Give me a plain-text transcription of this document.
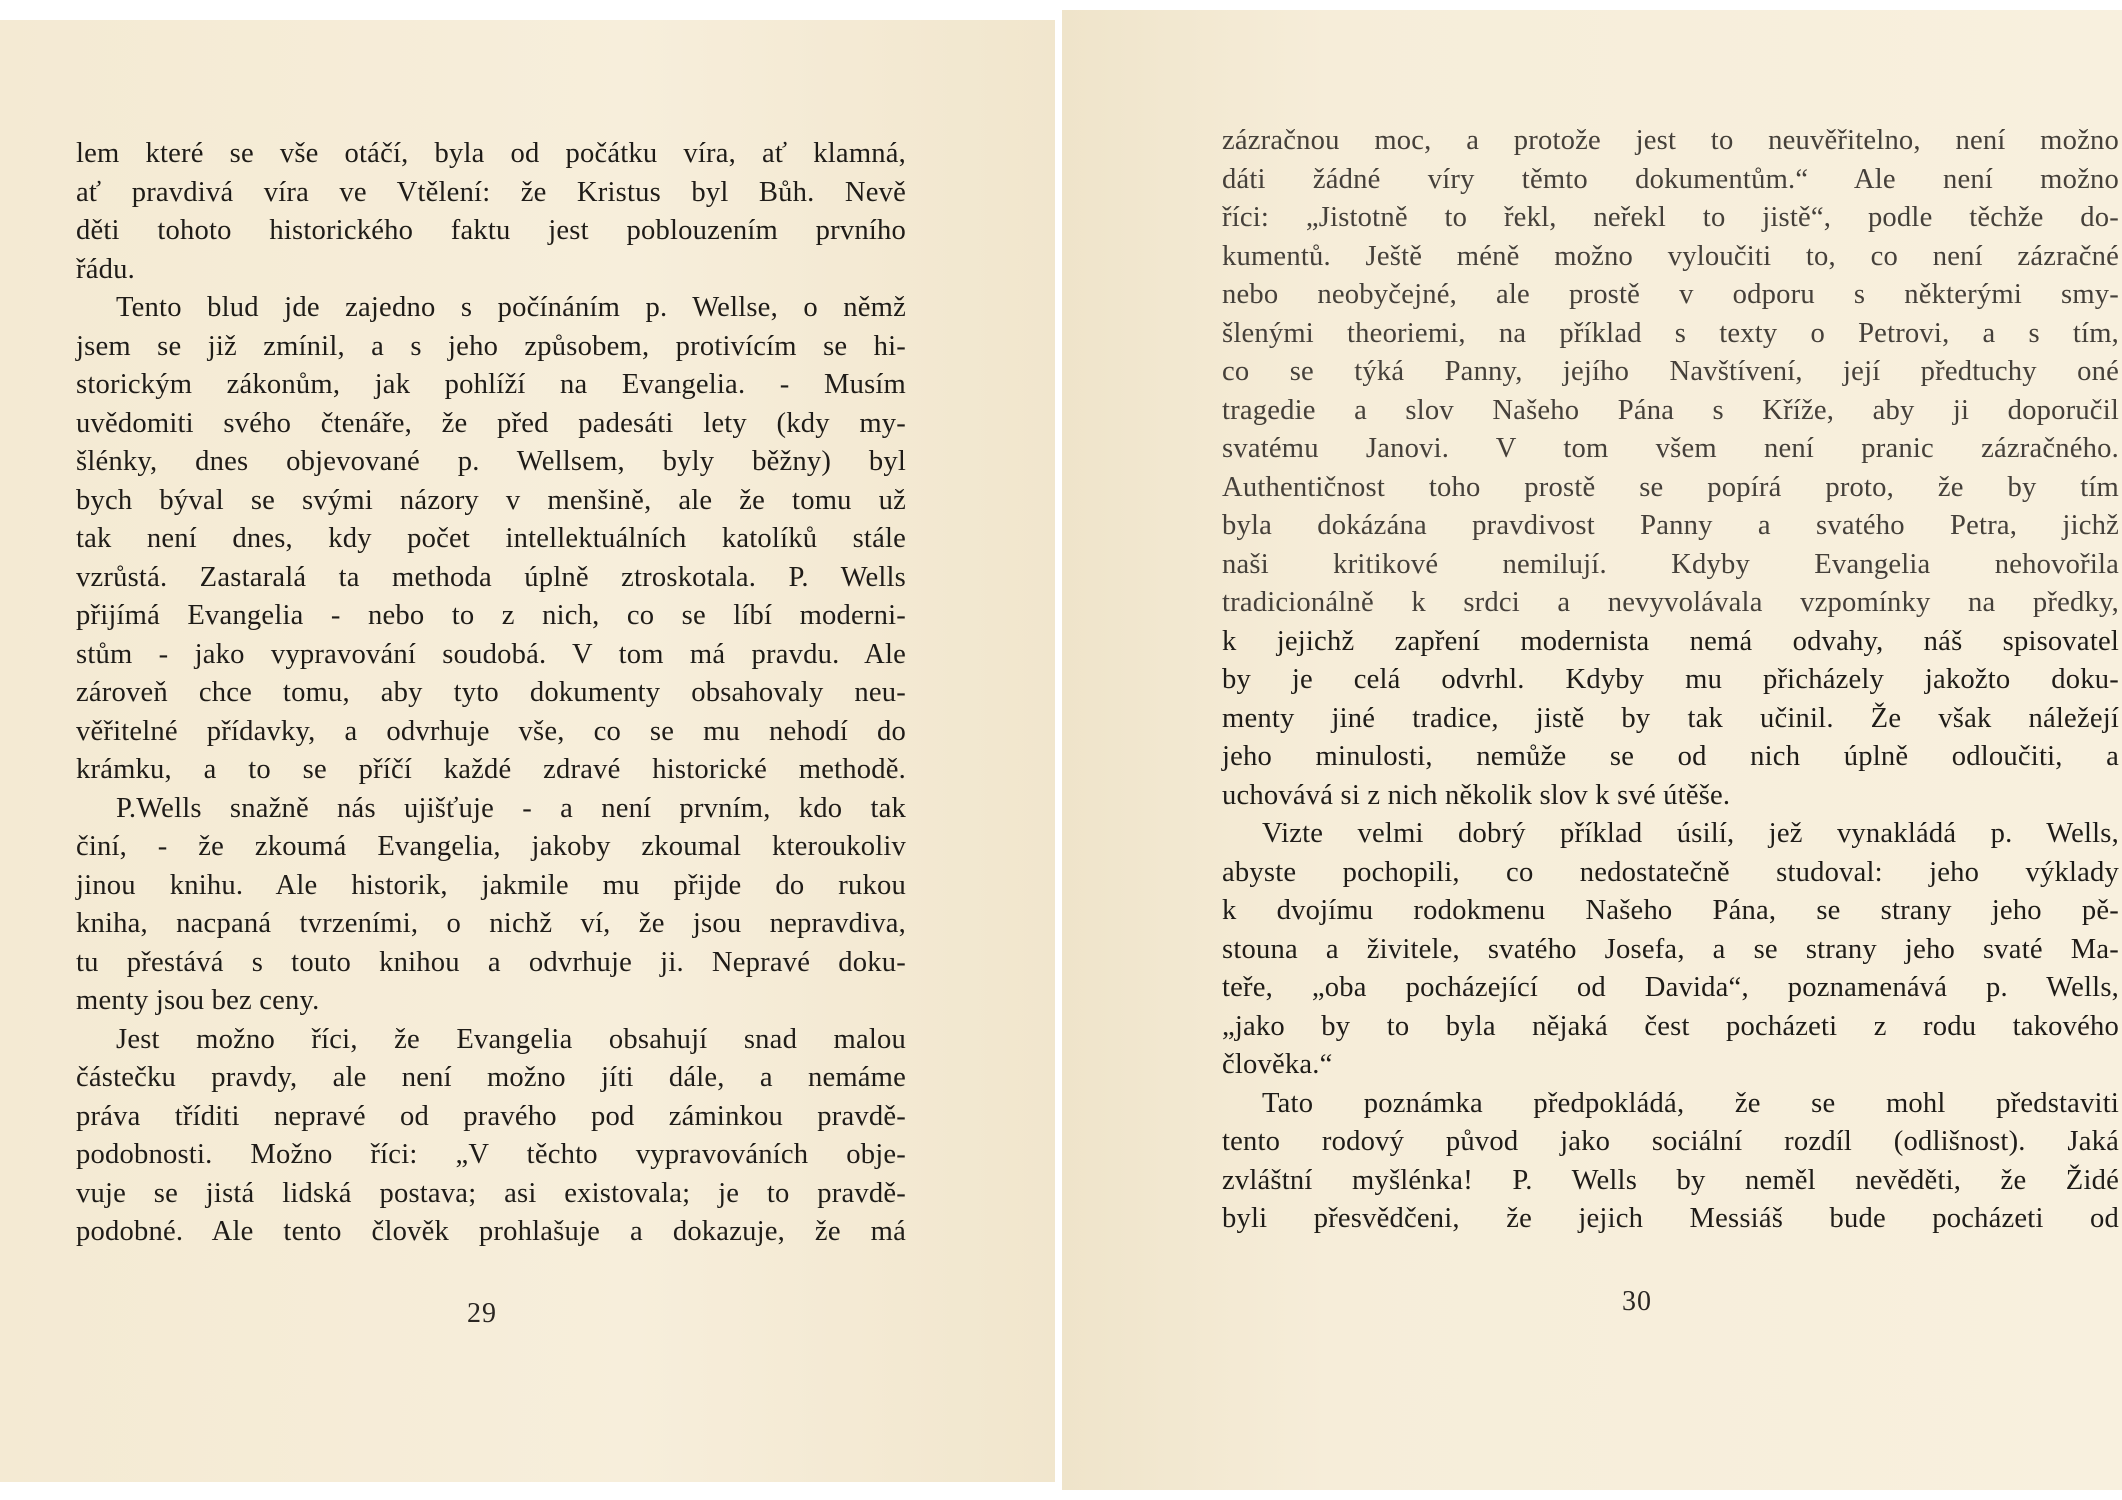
lem které se vše otáčí, byla od počátku víra, ať klamná,
ať pravdivá víra ve Vtělení: že Kristus byl Bůh. Nevě
děti tohoto historického faktu jest poblouzením prvního
řádu.
Tento blud jde zajedno s počínáním p. Wellse, o němž
jsem se již zmínil, a s jeho způsobem, protivícím se hi-
storickým zákonům, jak pohlíží na Evangelia. - Musím
uvědomiti svého čtenáře, že před padesáti lety (kdy my-
šlénky, dnes objevované p. Wellsem, byly běžny) byl
bych býval se svými názory v menšině, ale že tomu už
tak není dnes, kdy počet intellektuálních katolíků stále
vzrůstá. Zastaralá ta methoda úplně ztroskotala. P. Wells
přijímá Evangelia - nebo to z nich, co se líbí moderni-
stům - jako vypravování soudobá. V tom má pravdu. Ale
zároveň chce tomu, aby tyto dokumenty obsahovaly neu-
věřitelné přídavky, a odvrhuje vše, co se mu nehodí do
krámku, a to se příčí každé zdravé historické methodě.
P.Wells snažně nás ujišťuje - a není prvním, kdo tak
činí, - že zkoumá Evangelia, jakoby zkoumal kteroukoliv
jinou knihu. Ale historik, jakmile mu přijde do rukou
kniha, nacpaná tvrzeními, o nichž ví, že jsou nepravdiva,
tu přestává s touto knihou a odvrhuje ji. Nepravé doku-
menty jsou bez ceny.
Jest možno říci, že Evangelia obsahují snad malou
částečku pravdy, ale není možno jíti dále, a nemáme
práva tříditi nepravé od pravého pod záminkou pravdě-
podobnosti. Možno říci: „V těchto vypravováních obje-
vuje se jistá lidská postava; asi existovala; je to pravdě-
podobné. Ale tento člověk prohlašuje a dokazuje, že má
29
zázračnou moc, a protože jest to neuvěřitelno, není možno
dáti žádné víry těmto dokumentům.“ Ale není možno
říci: „Jistotně to řekl, neřekl to jistě“, podle těchže do-
kumentů. Ještě méně možno vyloučiti to, co není zázračné
nebo neobyčejné, ale prostě v odporu s některými smy-
šlenými theoriemi, na příklad s texty o Petrovi, a s tím,
co se týká Panny, jejího Navštívení, její předtuchy oné
tragedie a slov Našeho Pána s Kříže, aby ji doporučil
svatému Janovi. V tom všem není pranic zázračného.
Authentičnost toho prostě se popírá proto, že by tím
byla dokázána pravdivost Panny a svatého Petra, jichž
naši kritikové nemilují. Kdyby Evangelia nehovořila
tradicionálně k srdci a nevyvolávala vzpomínky na předky,
k jejichž zapření modernista nemá odvahy, náš spisovatel
by je celá odvrhl. Kdyby mu přicházely jakožto doku-
menty jiné tradice, jistě by tak učinil. Že však náležejí
jeho minulosti, nemůže se od nich úplně odloučiti, a
uchovává si z nich několik slov k své útěše.
Vizte velmi dobrý příklad úsilí, jež vynakládá p. Wells,
abyste pochopili, co nedostatečně studoval: jeho výklady
k dvojímu rodokmenu Našeho Pána, se strany jeho pě-
stouna a živitele, svatého Josefa, a se strany jeho svaté Ma-
teře, „oba pocházející od Davida“, poznamenává p. Wells,
„jako by to byla nějaká čest pocházeti z rodu takového
člověka.“
Tato poznámka předpokládá, že se mohl představiti
tento rodový původ jako sociální rozdíl (odlišnost). Jaká
zvláštní myšlénka! P. Wells by neměl nevěděti, že Židé
byli přesvědčeni, že jejich Messiáš bude pocházeti od
30
